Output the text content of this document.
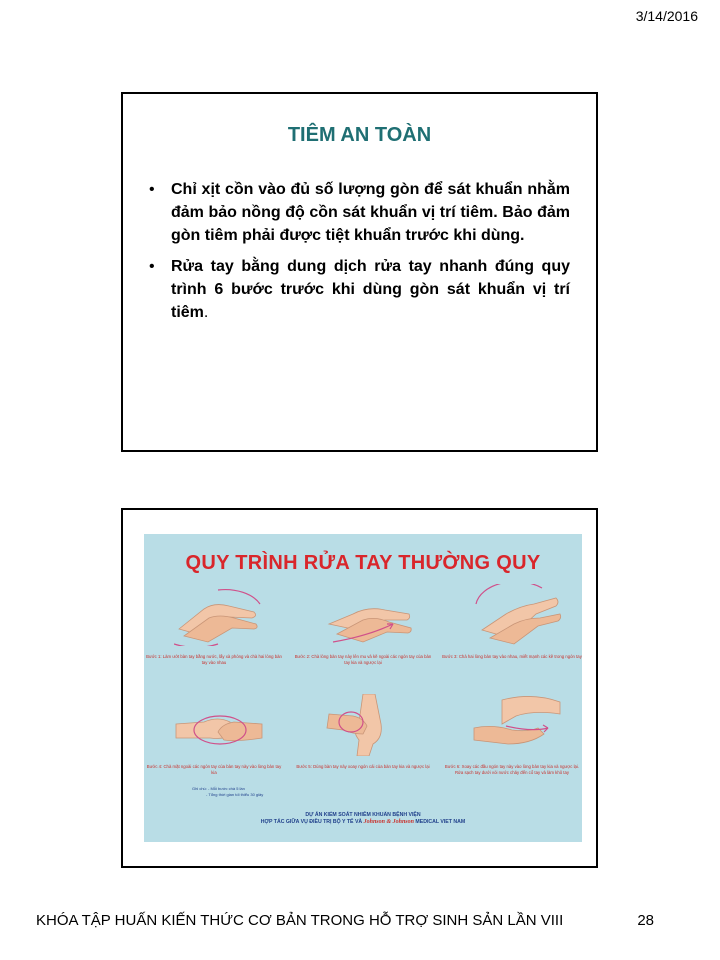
3/14/2016
TIÊM AN TOÀN
• Chỉ xịt cồn vào đủ số lượng gòn để sát khuẩn nhằm đảm bảo nồng độ cồn sát khuẩn vị trí tiêm. Bảo đảm gòn tiêm phải được tiệt khuẩn trước khi dùng.
• Rửa tay bằng dung dịch rửa tay nhanh đúng quy trình 6 bước trước khi dùng gòn sát khuẩn vị trí tiêm.
QUY TRÌNH RỬA TAY THƯỜNG QUY
Bước 1: Làm ướt bàn tay bằng nước, lấy xà phòng và chà hai lòng bàn tay vào nhau
Bước 2: Chà lòng bàn tay này lên mu và kẽ ngoài các ngón tay của bàn tay kia và ngược lại
Bước 3: Chà hai lòng bàn tay vào nhau, miết mạnh các kẽ trong ngón tay
Bước 4: Chà mặt ngoài các ngón tay của bàn tay này vào lòng bàn tay kia
Bước 5: Dùng bàn tay này xoay ngón cái của bàn tay kia và ngược lại	Bước 6: Xoay các đầu ngón tay này vào lòng bàn tay kia và ngược lại. Rửa sạch tay dưới vòi nước chảy đến cổ tay và làm khô tay
Ghi chú: - Mỗi bước chà 5 lần
- Tổng thời gian tối thiểu 30 giây
DỰ ÁN KIỂM SOÁT NHIỄM KHUẨN BỆNH VIỆN
HỢP TÁC GIỮA VỤ ĐIỀU TRỊ BỘ Y TẾ VÀ Johnson & Johnson MEDICAL VIET NAM
KHÓA TẬP HUẤN KIẾN THỨC CƠ BẢN TRONG HỖ TRỢ SINH SẢN LẦN VIII	28
